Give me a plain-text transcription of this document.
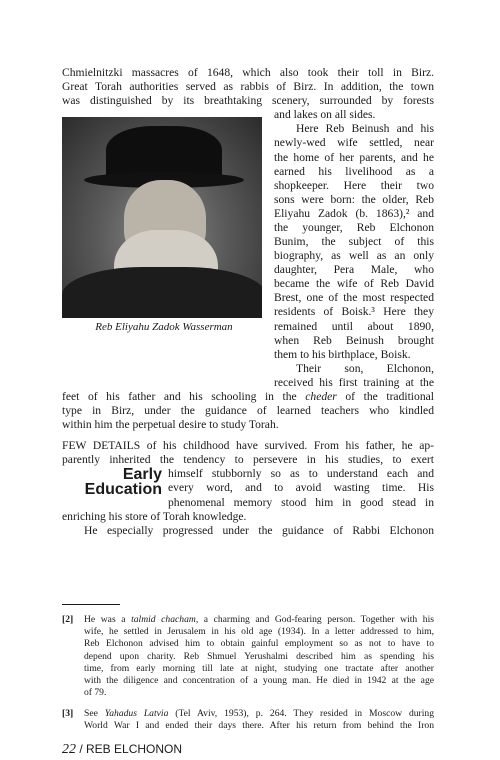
Chmielnitzki massacres of 1648, which also took their toll in Birz.
Great Torah authorities served as rabbis of Birz. In addition, the town
was distinguished by its breathtaking scenery, surrounded by forests
and lakes on all sides.
Reb Eliyahu Zadok Wasserman
Here Reb Beinush and his
newly-wed wife settled, near
the home of her parents, and he
earned his livelihood as a
shopkeeper. Here their two
sons were born: the older, Reb
Eliyahu Zadok (b. 1863),² and
the younger, Reb Elchonon
Bunim, the subject of this
biography, as well as an only
daughter, Pera Male, who
became the wife of Reb David
Brest, one of the most respected
residents of Boisk.³ Here they
remained until about 1890,
when Reb Beinush brought
them to his birthplace, Boisk.
Their son, Elchonon,
received his first training at the
feet of his father and his schooling in the cheder of the traditional
type in Birz, under the guidance of learned teachers who kindled
within him the perpetual desire to study Torah.
FEW DETAILS of his childhood have survived. From his father, he ap-
parently inherited the tendency to persevere in his studies, to exert
Early
Education
himself stubbornly so as to understand each and
every word, and to avoid wasting time. His
phenomenal memory stood him in good stead in
enriching his store of Torah knowledge.
He especially progressed under the guidance of Rabbi Elchonon
[2] He was a talmid chacham, a charming and God-fearing person. Together with his
wife, he settled in Jerusalem in his old age (1934). In a letter addressed to him,
Reb Elchonon advised him to obtain gainful employment so as not to have to
depend upon charity. Reb Shmuel Yerushalmi described him as spending his
time, from early morning till late at night, studying one tractate after another
with the diligence and concentration of a young man. He died in 1942 at the age
of 79.
[3] See Yahadus Latvia (Tel Aviv, 1953), p. 264. They resided in Moscow during
World War I and ended their days there. After his return from behind the Iron
22 / REB ELCHONON
